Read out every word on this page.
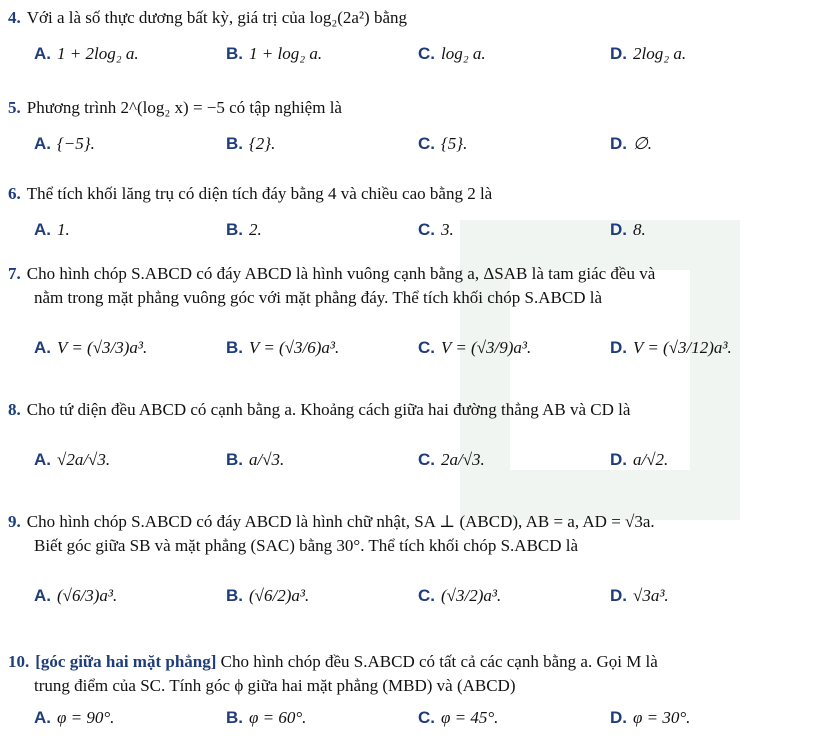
4. Với a là số thực dương bất kỳ, giá trị của log₂(2a²) bằng
A. 1 + 2log₂ a.	B. 1 + log₂ a.	C. log₂ a.	D. 2log₂ a.
5. Phương trình 2^(log₂ x) = −5 có tập nghiệm là
A. {−5}.	B. {2}.	C. {5}.	D. ∅.
6. Thể tích khối lăng trụ có diện tích đáy bằng 4 và chiều cao bằng 2 là
A. 1.	B. 2.	C. 3.	D. 8.
7. Cho hình chóp S.ABCD có đáy ABCD là hình vuông cạnh bằng a, ΔSAB là tam giác đều và
nằm trong mặt phẳng vuông góc với mặt phẳng đáy. Thể tích khối chóp S.ABCD là
A. V = (√3/3)a³.	B. V = (√3/6)a³.	C. V = (√3/9)a³.	D. V = (√3/12)a³.
8. Cho tứ diện đều ABCD có cạnh bằng a. Khoảng cách giữa hai đường thẳng AB và CD là
A. √2a/√3.	B. a/√3.	C. 2a/√3.	D. a/√2.
9. Cho hình chóp S.ABCD có đáy ABCD là hình chữ nhật, SA ⊥ (ABCD), AB = a, AD = √3a.
Biết góc giữa SB và mặt phẳng (SAC) bằng 30°. Thể tích khối chóp S.ABCD là
A. (√6/3)a³.	B. (√6/2)a³.	C. (√3/2)a³.	D. √3a³.
10. [góc giữa hai mặt phẳng] Cho hình chóp đều S.ABCD có tất cả các cạnh bằng a. Gọi M là
trung điểm của SC. Tính góc ϕ giữa hai mặt phẳng (MBD) và (ABCD)
A. φ = 90°.	B. φ = 60°.	C. φ = 45°.	D. φ = 30°.
